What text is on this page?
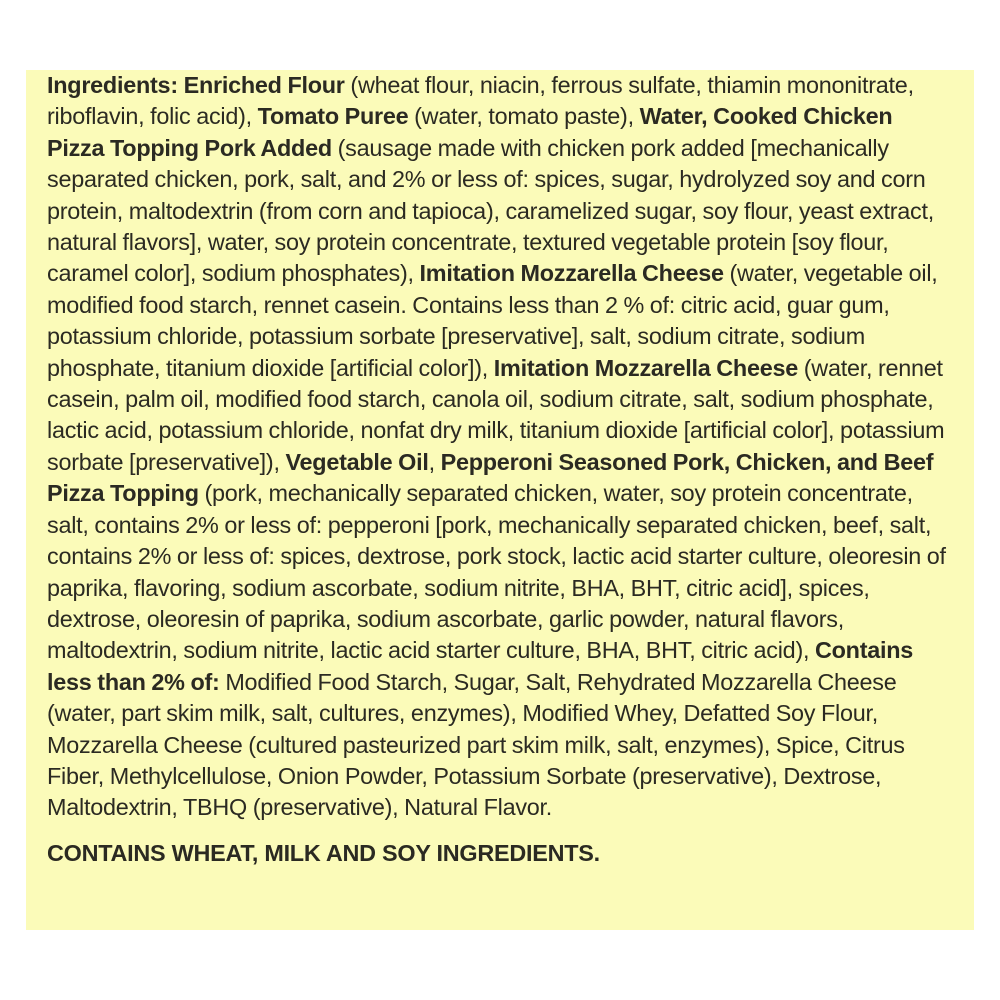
Ingredients: Enriched Flour (wheat flour, niacin, ferrous sulfate, thiamin mononitrate, riboflavin, folic acid), Tomato Puree (water, tomato paste), Water, Cooked Chicken Pizza Topping Pork Added (sausage made with chicken pork added [mechanically separated chicken, pork, salt, and 2% or less of: spices, sugar, hydrolyzed soy and corn protein, maltodextrin (from corn and tapioca), caramelized sugar, soy flour, yeast extract, natural flavors], water, soy protein concentrate, textured vegetable protein [soy flour, caramel color], sodium phosphates), Imitation Mozzarella Cheese (water, vegetable oil, modified food starch, rennet casein. Contains less than 2 % of: citric acid, guar gum, potassium chloride, potassium sorbate [preservative], salt, sodium citrate, sodium phosphate, titanium dioxide [artificial color]), Imitation Mozzarella Cheese (water, rennet casein, palm oil, modified food starch, canola oil, sodium citrate, salt, sodium phosphate, lactic acid, potassium chloride, nonfat dry milk, titanium dioxide [artificial color], potassium sorbate [preservative]), Vegetable Oil, Pepperoni Seasoned Pork, Chicken, and Beef Pizza Topping (pork, mechanically separated chicken, water, soy protein concentrate, salt, contains 2% or less of: pepperoni [pork, mechanically separated chicken, beef, salt, contains 2% or less of: spices, dextrose, pork stock, lactic acid starter culture, oleoresin of paprika, flavoring, sodium ascorbate, sodium nitrite, BHA, BHT, citric acid], spices, dextrose, oleoresin of paprika, sodium ascorbate, garlic powder, natural flavors, maltodextrin, sodium nitrite, lactic acid starter culture, BHA, BHT, citric acid), Contains less than 2% of: Modified Food Starch, Sugar, Salt, Rehydrated Mozzarella Cheese (water, part skim milk, salt, cultures, enzymes), Modified Whey, Defatted Soy Flour, Mozzarella Cheese (cultured pasteurized part skim milk, salt, enzymes), Spice, Citrus Fiber, Methylcellulose, Onion Powder, Potassium Sorbate (preservative), Dextrose, Maltodextrin, TBHQ (preservative), Natural Flavor.

CONTAINS WHEAT, MILK AND SOY INGREDIENTS.
